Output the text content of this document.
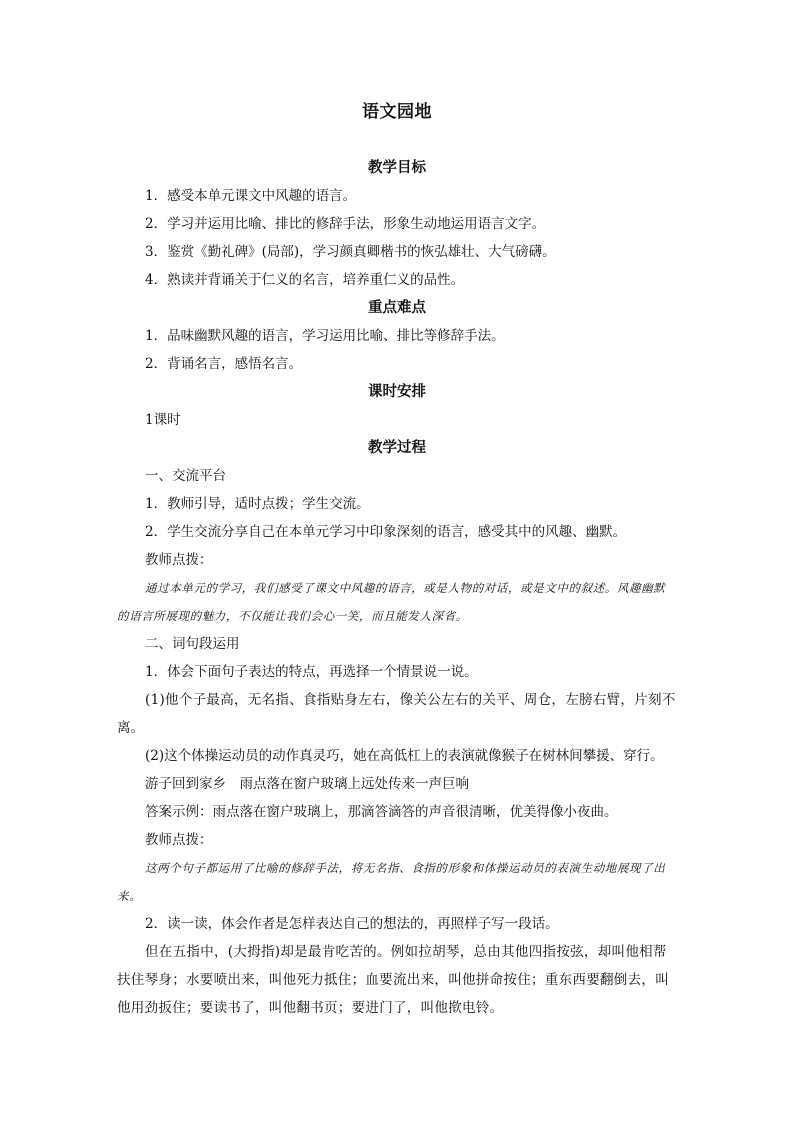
语文园地
教学目标
1．感受本单元课文中风趣的语言。
2．学习并运用比喻、排比的修辞手法，形象生动地运用语言文字。
3．鉴赏《勤礼碑》(局部)，学习颜真卿楷书的恢弘雄壮、大气磅礴。
4．熟读并背诵关于仁义的名言，培养重仁义的品性。
重点难点
1．品味幽默风趣的语言，学习运用比喻、排比等修辞手法。
2．背诵名言，感悟名言。
课时安排
1课时
教学过程
一、交流平台
1．教师引导，适时点拨；学生交流。
2．学生交流分享自己在本单元学习中印象深刻的语言，感受其中的风趣、幽默。
教师点拨：
通过本单元的学习，我们感受了课文中风趣的语言，或是人物的对话，或是文中的叙述。风趣幽默的语言所展现的魅力，不仅能让我们会心一笑，而且能发人深省。
二、词句段运用
1．体会下面句子表达的特点，再选择一个情景说一说。
(1)他个子最高，无名指、食指贴身左右，像关公左右的关平、周仓，左膀右臂，片刻不离。
(2)这个体操运动员的动作真灵巧，她在高低杠上的表演就像猴子在树林间攀援、穿行。
游子回到家乡　雨点落在窗户玻璃上远处传来一声巨响
答案示例：雨点落在窗户玻璃上，那滴答滴答的声音很清晰，优美得像小夜曲。
教师点拨：
这两个句子都运用了比喻的修辞手法，将无名指、食指的形象和体操运动员的表演生动地展现了出来。
2．读一读，体会作者是怎样表达自己的想法的，再照样子写一段话。
但在五指中，(大拇指)却是最肯吃苦的。例如拉胡琴，总由其他四指按弦，却叫他相帮扶住琴身；水要喷出来，叫他死力抵住；血要流出来，叫他拼命按住；重东西要翻倒去，叫他用劲扳住；要读书了，叫他翻书页；要进门了，叫他揿电铃。
